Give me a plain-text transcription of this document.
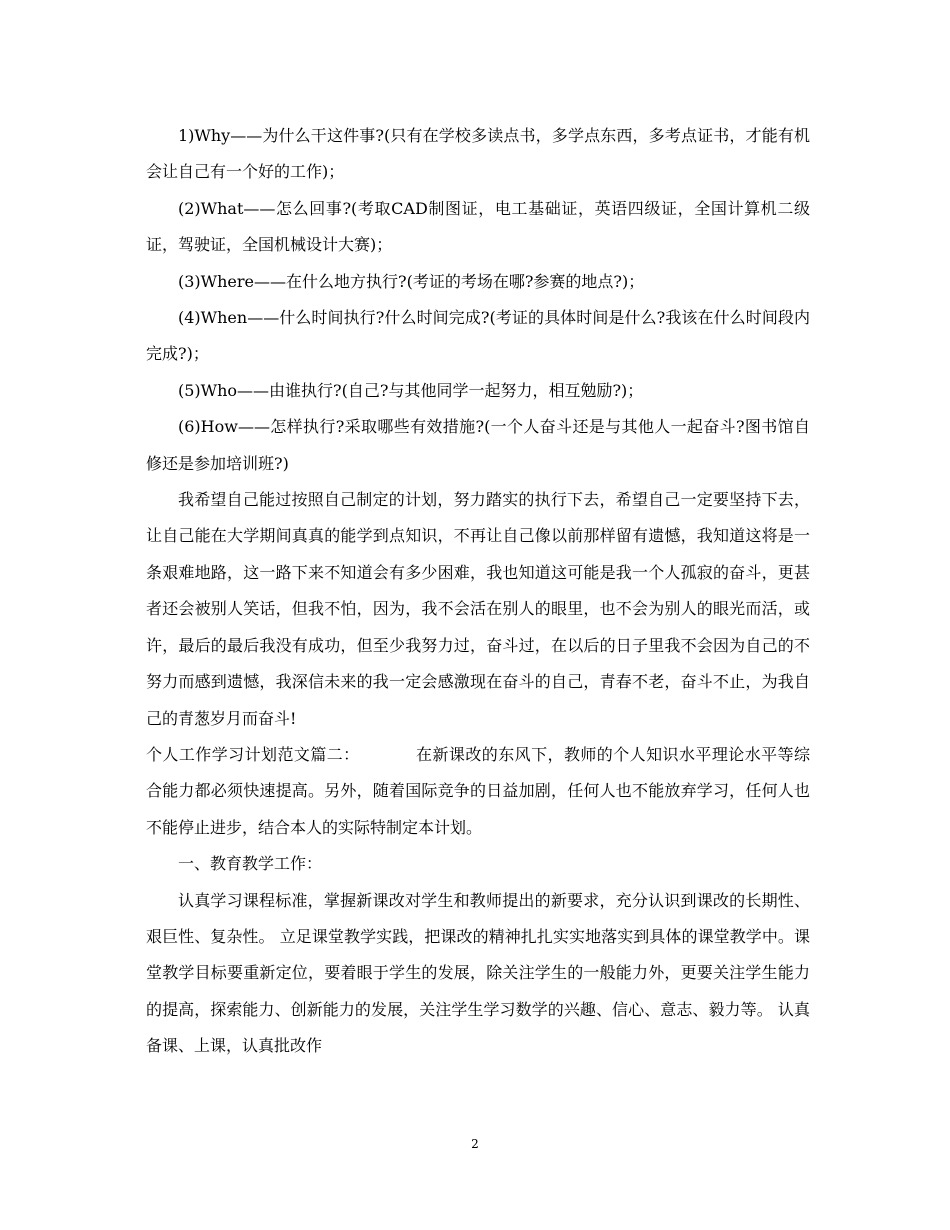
1)Why——为什么干这件事?(只有在学校多读点书，多学点东西，多考点证书，才能有机会让自己有一个好的工作)；

(2)What——怎么回事?(考取CAD制图证，电工基础证，英语四级证，全国计算机二级证，驾驶证，全国机械设计大赛)；

(3)Where——在什么地方执行?(考证的考场在哪?参赛的地点?)；

(4)When——什么时间执行?什么时间完成?(考证的具体时间是什么?我该在什么时间段内完成?)；

(5)Who——由谁执行?(自己?与其他同学一起努力，相互勉励?)；

(6)How——怎样执行?采取哪些有效措施?(一个人奋斗还是与其他人一起奋斗?图书馆自修还是参加培训班?)

我希望自己能过按照自己制定的计划，努力踏实的执行下去，希望自己一定要坚持下去，让自己能在大学期间真真的能学到点知识，不再让自己像以前那样留有遗憾，我知道这将是一条艰难地路，这一路下来不知道会有多少困难，我也知道这可能是我一个人孤寂的奋斗，更甚者还会被别人笑话，但我不怕，因为，我不会活在别人的眼里，也不会为别人的眼光而活，或许，最后的最后我没有成功，但至少我努力过，奋斗过，在以后的日子里我不会因为自己的不努力而感到遗憾，我深信未来的我一定会感激现在奋斗的自己，青春不老，奋斗不止，为我自己的青葱岁月而奋斗!

个人工作学习计划范文篇二：	在新课改的东风下，教师的个人知识水平理论水平等综合能力都必须快速提高。另外，随着国际竞争的日益加剧，任何人也不能放弃学习，任何人也不能停止进步，结合本人的实际特制定本计划。

一、教育教学工作：

认真学习课程标准，掌握新课改对学生和教师提出的新要求，充分认识到课改的长期性、艰巨性、复杂性。 立足课堂教学实践，把课改的精神扎扎实实地落实到具体的课堂教学中。课堂教学目标要重新定位，要着眼于学生的发展，除关注学生的一般能力外，更要关注学生能力的提高，探索能力、创新能力的发展，关注学生学习数学的兴趣、信心、意志、毅力等。 认真备课、上课，认真批改作

2
